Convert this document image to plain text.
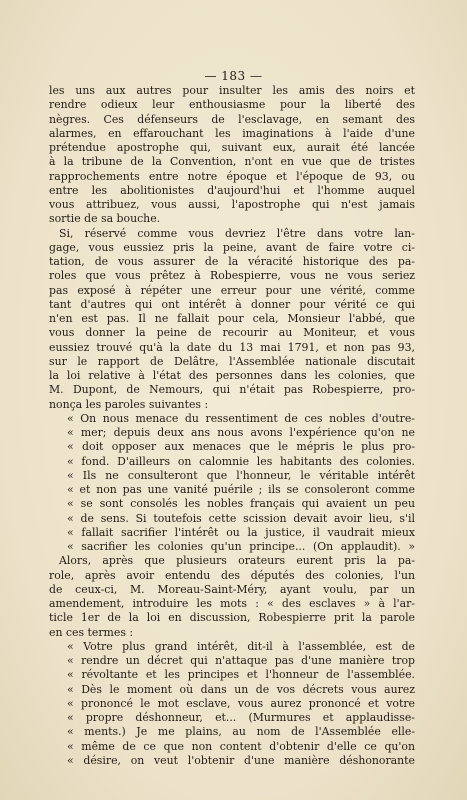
— 183 —
les uns aux autres pour insulter les amis des noirs et
rendre odieux leur enthousiasme pour la liberté des
nègres. Ces défenseurs de l'esclavage, en semant des
alarmes, en effarouchant les imaginations à l'aide d'une
prétendue apostrophe qui, suivant eux, aurait été lancée
à la tribune de la Convention, n'ont en vue que de tristes
rapprochements entre notre époque et l'époque de 93, ou
entre les abolitionistes d'aujourd'hui et l'homme auquel
vous attribuez, vous aussi, l'apostrophe qui n'est jamais
sortie de sa bouche.
Si, réservé comme vous devriez l'être dans votre lan-
gage, vous eussiez pris la peine, avant de faire votre ci-
tation, de vous assurer de la véracité historique des pa-
roles que vous prêtez à Robespierre, vous ne vous seriez
pas exposé à répéter une erreur pour une vérité, comme
tant d'autres qui ont intérêt à donner pour vérité ce qui
n'en est pas. Il ne fallait pour cela, Monsieur l'abbé, que
vous donner la peine de recourir au Moniteur, et vous
eussiez trouvé qu'à la date du 13 mai 1791, et non pas 93,
sur le rapport de Delâtre, l'Assemblée nationale discutait
la loi relative à l'état des personnes dans les colonies, que
M. Dupont, de Nemours, qui n'était pas Robespierre, pro-
nonça les paroles suivantes :
« On nous menace du ressentiment de ces nobles d'outre-
« mer; depuis deux ans nous avons l'expérience qu'on ne
« doit opposer aux menaces que le mépris le plus pro-
« fond. D'ailleurs on calomnie les habitants des colonies.
« Ils ne consulteront que l'honneur, le véritable intérêt
« et non pas une vanité puérile ; ils se consoleront comme
« se sont consolés les nobles français qui avaient un peu
« de sens. Si toutefois cette scission devait avoir lieu, s'il
« fallait sacrifier l'intérêt ou la justice, il vaudrait mieux
« sacrifier les colonies qu'un principe... (On applaudit). »
Alors, après que plusieurs orateurs eurent pris la pa-
role, après avoir entendu des députés des colonies, l'un
de ceux-ci, M. Moreau-Saint-Méry, ayant voulu, par un
amendement, introduire les mots : « des esclaves » à l'ar-
ticle 1er de la loi en discussion, Robespierre prit la parole
en ces termes :
« Votre plus grand intérêt, dit-il à l'assemblée, est de
« rendre un décret qui n'attaque pas d'une manière trop
« révoltante et les principes et l'honneur de l'assemblée.
« Dès le moment où dans un de vos décrets vous aurez
« prononcé le mot esclave, vous aurez prononcé et votre
« propre déshonneur, et... (Murmures et applaudisse-
« ments.) Je me plains, au nom de l'Assemblée elle-
« même de ce que non content d'obtenir d'elle ce qu'on
« désire, on veut l'obtenir d'une manière déshonorante
